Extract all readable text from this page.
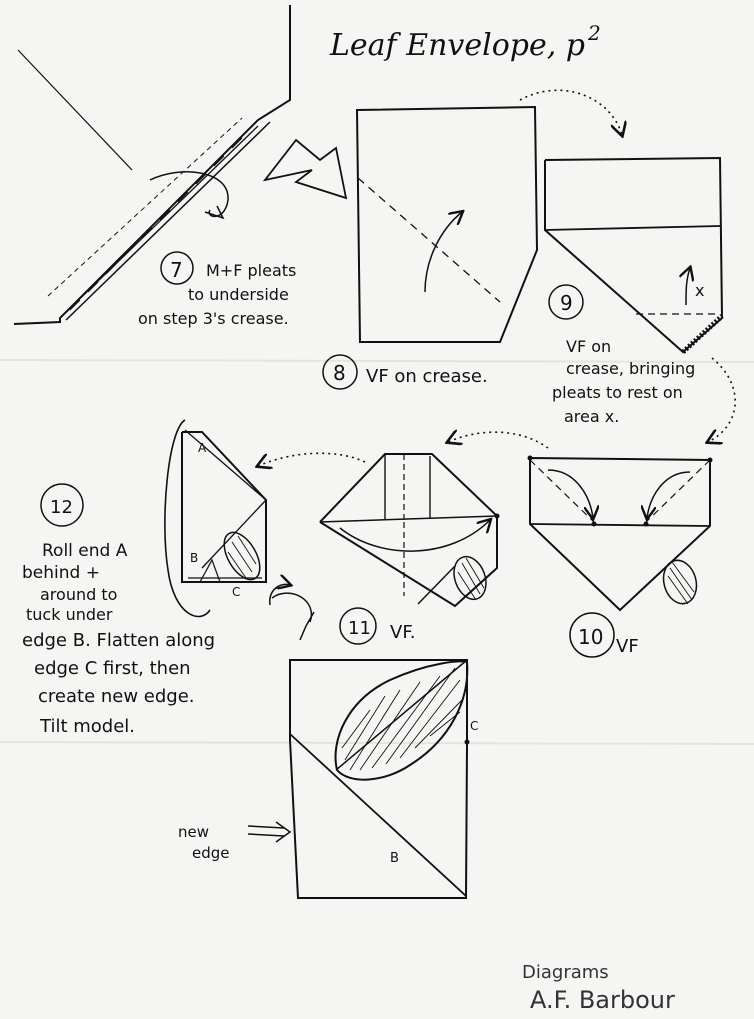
Leaf Envelope, p 2
7 M+F pleats
to underside
on step 3's crease.
8 VF on crease.
x
9
VF on
crease, bringing
pleats to rest on
area x.
10 VF
11 VF.
A
B
C
12
Roll end A
behind +
around to
tuck under
edge B. Flatten along
edge C first, then
create new edge.
Tilt model.	C
B
new
edge
Diagrams
A.F. Barbour
